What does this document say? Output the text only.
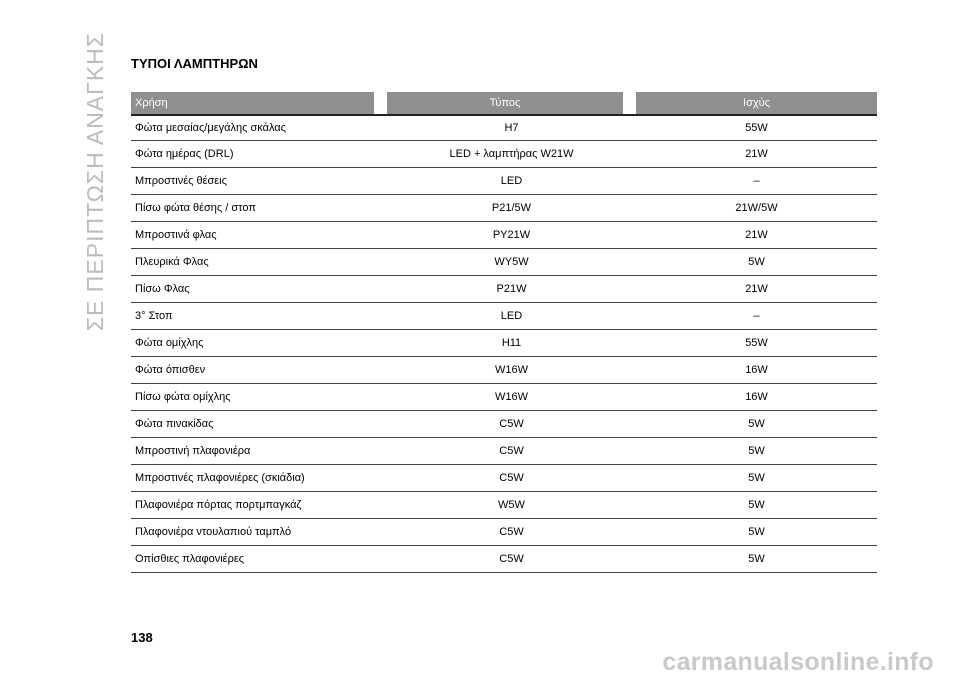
ΣΕ ΠΕΡΙΠΤΩΣΗ ΑΝΑΓΚΗΣ ΤΥΠΟΙ ΛΑΜΠΤΗΡΩΝ
Χρήση	Τύπος	Ισχύς
Φώτα μεσαίας/μεγάλης σκάλας	H7	55W
Φώτα ημέρας (DRL)	LED + λαμπτήρας W21W	21W
Μπροστινές θέσεις	LED	–
Πίσω φώτα θέσης / στοπ	P21/5W	21W/5W
Μπροστινά φλας	PY21W	21W
Πλευρικά Φλας	WY5W	5W
Πίσω Φλας	P21W	21W
3° Στοπ	LED	–
Φώτα ομίχλης	H11	55W
Φώτα όπισθεν	W16W	16W
Πίσω φώτα ομίχλης	W16W	16W
Φώτα πινακίδας	C5W	5W
Μπροστινή πλαφονιέρα	C5W	5W
Μπροστινές πλαφονιέρες (σκιάδια)	C5W	5W
Πλαφονιέρα πόρτας πορτμπαγκάζ	W5W	5W
Πλαφονιέρα ντουλαπιού ταμπλό	C5W	5W
Οπίσθιες πλαφονιέρες	C5W	5W
138
carmanualsonline.info
